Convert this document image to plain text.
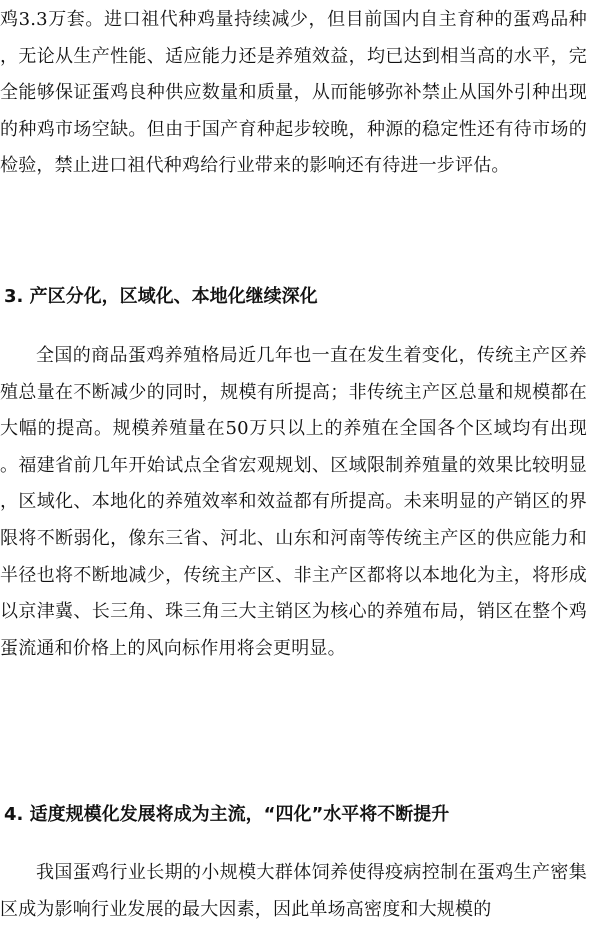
鸡3.3万套。进口祖代种鸡量持续减少，但目前国内自主育种的蛋鸡品种，无论从生产性能、适应能力还是养殖效益，均已达到相当高的水平，完全能够保证蛋鸡良种供应数量和质量，从而能够弥补禁止从国外引种出现的种鸡市场空缺。但由于国产育种起步较晚，种源的稳定性还有待市场的检验，禁止进口祖代种鸡给行业带来的影响还有待进一步评估。

3. 产区分化，区域化、本地化继续深化

全国的商品蛋鸡养殖格局近几年也一直在发生着变化，传统主产区养殖总量在不断减少的同时，规模有所提高；非传统主产区总量和规模都在大幅的提高。规模养殖量在50万只以上的养殖在全国各个区域均有出现。福建省前几年开始试点全省宏观规划、区域限制养殖量的效果比较明显，区域化、本地化的养殖效率和效益都有所提高。未来明显的产销区的界限将不断弱化，像东三省、河北、山东和河南等传统主产区的供应能力和半径也将不断地减少，传统主产区、非主产区都将以本地化为主，将形成以京津冀、长三角、珠三角三大主销区为核心的养殖布局，销区在整个鸡蛋流通和价格上的风向标作用将会更明显。

4. 适度规模化发展将成为主流，“四化”水平将不断提升

我国蛋鸡行业长期的小规模大群体饲养使得疫病控制在蛋鸡生产密集区成为影响行业发展的最大因素，因此单场高密度和大规模的
